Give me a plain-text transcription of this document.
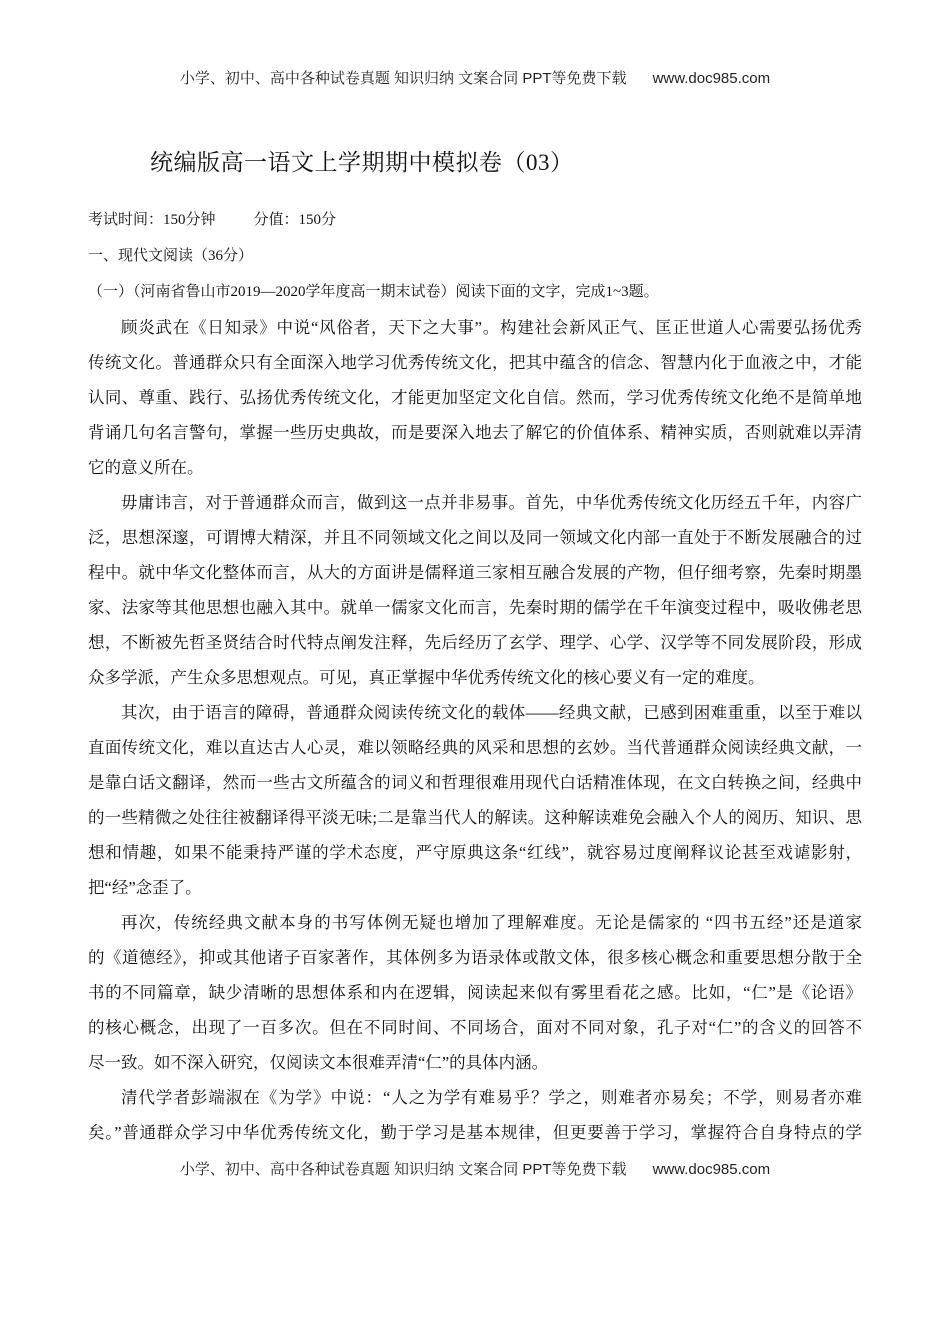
小学、初中、高中各种试卷真题 知识归纳 文案合同 PPT等免费下载 www.doc985.com
统编版高一语文上学期期中模拟卷（03）
考试时间：150分钟	分值：150分
一、现代文阅读（36分）
（一）（河南省鲁山市2019—2020学年度高一期末试卷）阅读下面的文字，完成1~3题。
顾炎武在《日知录》中说“风俗者，天下之大事”。构建社会新风正气、匡正世道人心需要弘扬优秀
传统文化。普通群众只有全面深入地学习优秀传统文化，把其中蕴含的信念、智慧内化于血液之中，才能
认同、尊重、践行、弘扬优秀传统文化，才能更加坚定文化自信。然而，学习优秀传统文化绝不是简单地
背诵几句名言警句，掌握一些历史典故，而是要深入地去了解它的价值体系、精神实质，否则就难以弄清
它的意义所在。
毋庸讳言，对于普通群众而言，做到这一点并非易事。首先，中华优秀传统文化历经五千年，内容广
泛，思想深邃，可谓博大精深，并且不同领域文化之间以及同一领域文化内部一直处于不断发展融合的过
程中。就中华文化整体而言，从大的方面讲是儒释道三家相互融合发展的产物，但仔细考察，先秦时期墨
家、法家等其他思想也融入其中。就单一儒家文化而言，先秦时期的儒学在千年演变过程中，吸收佛老思
想，不断被先哲圣贤结合时代特点阐发注释，先后经历了玄学、理学、心学、汉学等不同发展阶段，形成
众多学派，产生众多思想观点。可见，真正掌握中华优秀传统文化的核心要义有一定的难度。
其次，由于语言的障碍，普通群众阅读传统文化的载体——经典文献，已感到困难重重，以至于难以
直面传统文化，难以直达古人心灵，难以领略经典的风采和思想的玄妙。当代普通群众阅读经典文献，一
是靠白话文翻译，然而一些古文所蕴含的词义和哲理很难用现代白话精准体现，在文白转换之间，经典中
的一些精微之处往往被翻译得平淡无味;二是靠当代人的解读。这种解读难免会融入个人的阅历、知识、思
想和情趣，如果不能秉持严谨的学术态度，严守原典这条“红线”，就容易过度阐释议论甚至戏谑影射，
把“经”念歪了。
再次，传统经典文献本身的书写体例无疑也增加了理解难度。无论是儒家的 “四书五经”还是道家
的《道德经》，抑或其他诸子百家著作，其体例多为语录体或散文体，很多核心概念和重要思想分散于全
书的不同篇章，缺少清晰的思想体系和内在逻辑，阅读起来似有雾里看花之感。比如，“仁”是《论语》
的核心概念，出现了一百多次。但在不同时间、不同场合，面对不同对象，孔子对“仁”的含义的回答不
尽一致。如不深入研究，仅阅读文本很难弄清“仁”的具体内涵。
清代学者彭端淑在《为学》中说：“人之为学有难易乎？学之，则难者亦易矣；不学，则易者亦难
矣。”普通群众学习中华优秀传统文化，勤于学习是基本规律，但更要善于学习，掌握符合自身特点的学
小学、初中、高中各种试卷真题 知识归纳 文案合同 PPT等免费下载 www.doc985.com
